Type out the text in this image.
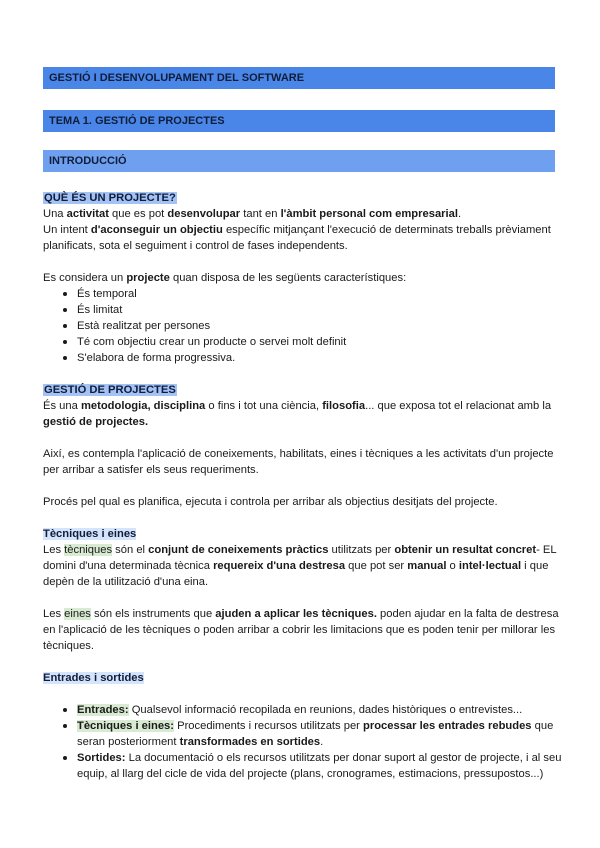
GESTIÓ I DESENVOLUPAMENT DEL SOFTWARE
TEMA 1. GESTIÓ DE PROJECTES
INTRODUCCIÓ

QUÈ ÉS UN PROJECTE?

Una activitat que es pot desenvolupar tant en l'àmbit personal com empresarial.

Un intent d'aconseguir un objectiu específic mitjançant l'execució de determinats treballs prèviament planificats, sota el seguiment i control de fases independents.

Es considera un projecte quan disposa de les següents característiques:

És temporal
És limitat
Està realitzat per persones
Té com objectiu crear un producte o servei molt definit
S'elabora de forma progressiva.

GESTIÓ DE PROJECTES

És una metodologia, disciplina o fins i tot una ciència, filosofia... que exposa tot el relacionat amb la gestió de projectes.

Així, es contempla l'aplicació de coneixements, habilitats, eines i tècniques a les activitats d'un projecte per arribar a satisfer els seus requeriments.

Procés pel qual es planifica, ejecuta i controla per arribar als objectius desitjats del projecte.

Tècniques i eines

Les tècniques són el conjunt de coneixements pràctics utilitzats per obtenir un resultat concret- EL domini d'una determinada tècnica requereix d'una destresa que pot ser manual o intel·lectual i que depèn de la utilització d'una eina.

Les eines són els instruments que ajuden a aplicar les tècniques. poden ajudar en la falta de destresa en l'aplicació de les tècniques o poden arribar a cobrir les limitacions que es poden tenir per millorar les tècniques.

Entrades i sortides

Entrades: Qualsevol informació recopilada en reunions, dades històriques o entrevistes...
Tècniques i eines: Procediments i recursos utilitzats per processar les entrades rebudes que seran posteriorment transformades en sortides.
Sortides: La documentació o els recursos utilitzats per donar suport al gestor de projecte, i al seu equip, al llarg del cicle de vida del projecte (plans, cronogrames, estimacions, pressupostos...)
